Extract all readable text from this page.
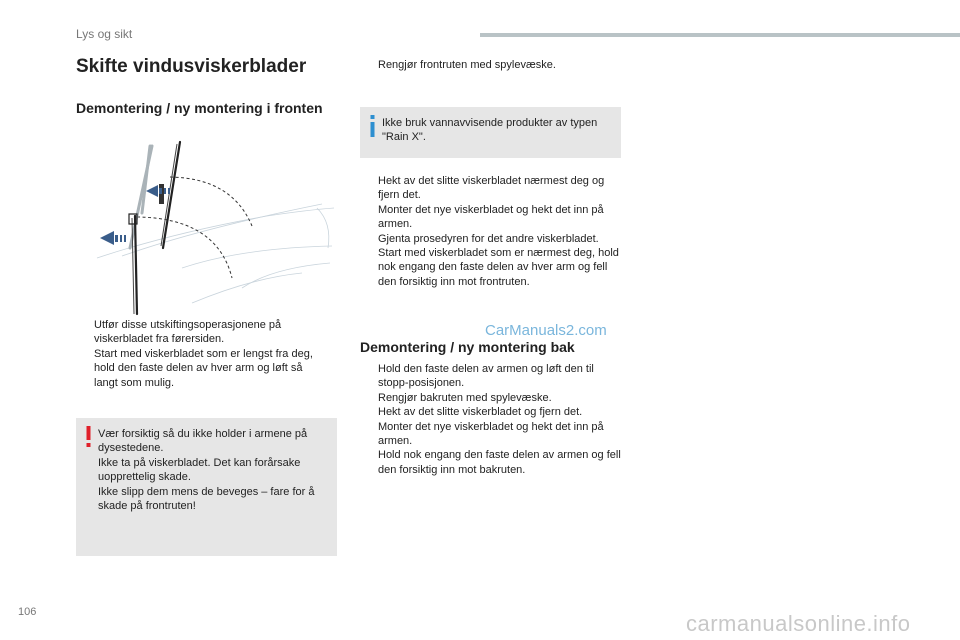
Lys og sikt
Skifte vindusviskerblader
Demontering / ny montering i fronten
Utfør disse utskiftingsoperasjonene på viskerbladet fra førersiden.
Start med viskerbladet som er lengst fra deg, hold den faste delen av hver arm og løft så langt som mulig.

Vær forsiktig så du ikke holder i armene på dysestedene.

Ikke ta på viskerbladet. Det kan forårsake uopprettelig skade.

Ikke slipp dem mens de beveges – fare for å skade på frontruten!

Rengjør frontruten med spylevæske.

Ikke bruk vannavvisende produkter av typen "Rain X".

Hekt av det slitte viskerbladet nærmest deg og fjern det.
Monter det nye viskerbladet og hekt det inn på armen.
Gjenta prosedyren for det andre viskerbladet.
Start med viskerbladet som er nærmest deg, hold nok engang den faste delen av hver arm og fell den forsiktig inn mot frontruten.
CarManuals2.com
Demontering / ny montering bak
Hold den faste delen av armen og løft den til stopp-posisjonen.
Rengjør bakruten med spylevæske.
Hekt av det slitte viskerbladet og fjern det.
Monter det nye viskerbladet og hekt det inn på armen.
Hold nok engang den faste delen av armen og fell den forsiktig inn mot bakruten.
106	carmanualsonline.info
